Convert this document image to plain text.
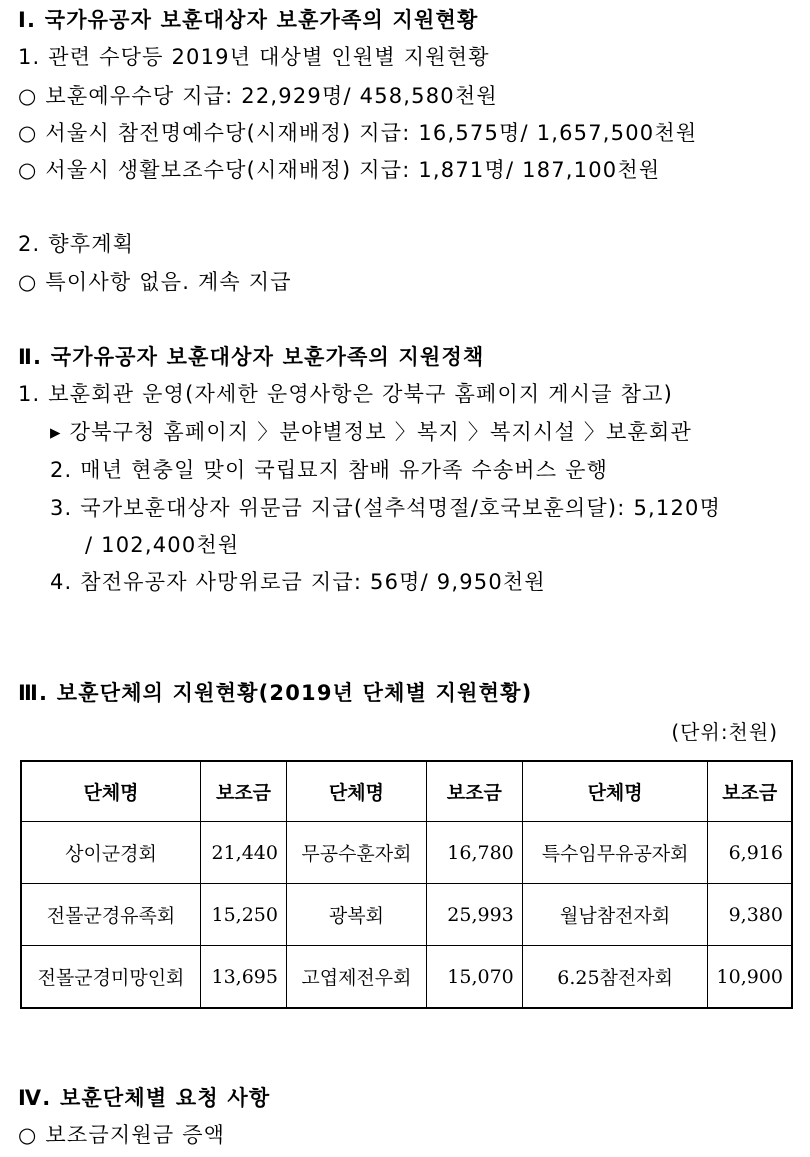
Ⅰ. 국가유공자 보훈대상자 보훈가족의 지원현황
1. 관련 수당등 2019년 대상별 인원별 지원현황
○ 보훈예우수당 지급: 22,929명/ 458,580천원
○ 서울시 참전명예수당(시재배정) 지급: 16,575명/ 1,657,500천원
○ 서울시 생활보조수당(시재배정) 지급: 1,871명/ 187,100천원
2. 향후계획
○ 특이사항 없음. 계속 지급
Ⅱ. 국가유공자 보훈대상자 보훈가족의 지원정책
1. 보훈회관 운영(자세한 운영사항은 강북구 홈페이지 게시글 참고)
▸ 강북구청 홈페이지 〉분야별정보 〉복지 〉복지시설 〉보훈회관
2. 매년 현충일 맞이 국립묘지 참배 유가족 수송버스 운행
3. 국가보훈대상자 위문금 지급(설추석명절/호국보훈의달): 5,120명
/ 102,400천원
4. 참전유공자 사망위로금 지급: 56명/ 9,950천원
Ⅲ. 보훈단체의 지원현황(2019년 단체별 지원현황)
(단위:천원)
단체명	보조금	단체명	보조금	단체명	보조금
상이군경회	21,440	무공수훈자회	16,780	특수임무유공자회	6,916
전몰군경유족회	15,250	광복회	25,993	월남참전자회	9,380
전몰군경미망인회	13,695	고엽제전우회	15,070	6.25참전자회	10,900
Ⅳ. 보훈단체별 요청 사항
○ 보조금지원금 증액
